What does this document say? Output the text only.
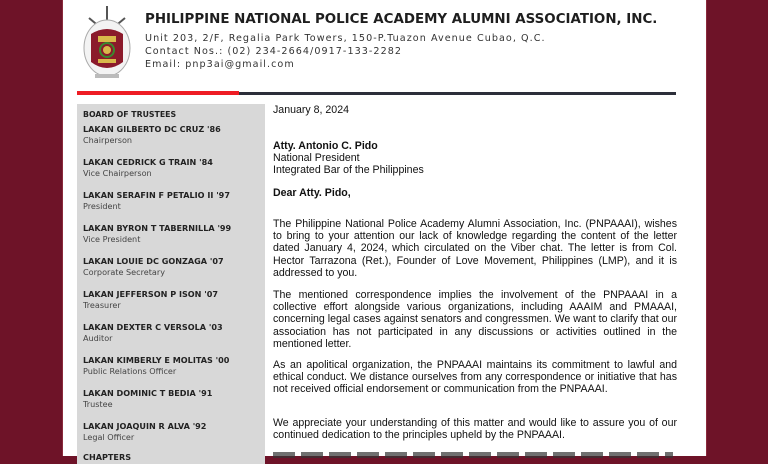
PHILIPPINE NATIONAL POLICE ACADEMY ALUMNI ASSOCIATION, INC.
Unit 203, 2/F, Regalia Park Towers, 150-P.Tuazon Avenue Cubao, Q.C.
Contact Nos.: (02) 234-2664/0917-133-2282
Email: pnp3ai@gmail.com
BOARD OF TRUSTEES
LAKAN GILBERTO DC CRUZ '86
Chairperson
LAKAN CEDRICK G TRAIN '84
Vice Chairperson
LAKAN SERAFIN F PETALIO II '97
President
LAKAN BYRON T TABERNILLA '99
Vice President
LAKAN LOUIE DC GONZAGA '07
Corporate Secretary
LAKAN JEFFERSON P ISON '07
Treasurer
LAKAN DEXTER C VERSOLA '03
Auditor
LAKAN KIMBERLY E MOLITAS '00
Public Relations Officer
LAKAN DOMINIC T BEDIA '91
Trustee
LAKAN JOAQUIN R ALVA '92
Legal Officer
CHAPTERS
January 8, 2024
Atty. Antonio C. Pido
National President
Integrated Bar of the Philippines
Dear Atty. Pido,

The Philippine National Police Academy Alumni Association, Inc. (PNPAAAI), wishes to bring to your attention our lack of knowledge regarding the content of the letter dated January 4, 2024, which circulated on the Viber chat. The letter is from Col. Hector Tarrazona (Ret.), Founder of Love Movement, Philippines (LMP), and it is addressed to you.

The mentioned correspondence implies the involvement of the PNPAAAI in a collective effort alongside various organizations, including AAAIM and PMAAAI, concerning legal cases against senators and congressmen. We want to clarify that our association has not participated in any discussions or activities outlined in the mentioned letter.

As an apolitical organization, the PNPAAAI maintains its commitment to lawful and ethical conduct. We distance ourselves from any correspondence or initiative that has not received official endorsement or communication from the PNPAAAI.

We appreciate your understanding of this matter and would like to assure you of our continued dedication to the principles upheld by the PNPAAAI.
